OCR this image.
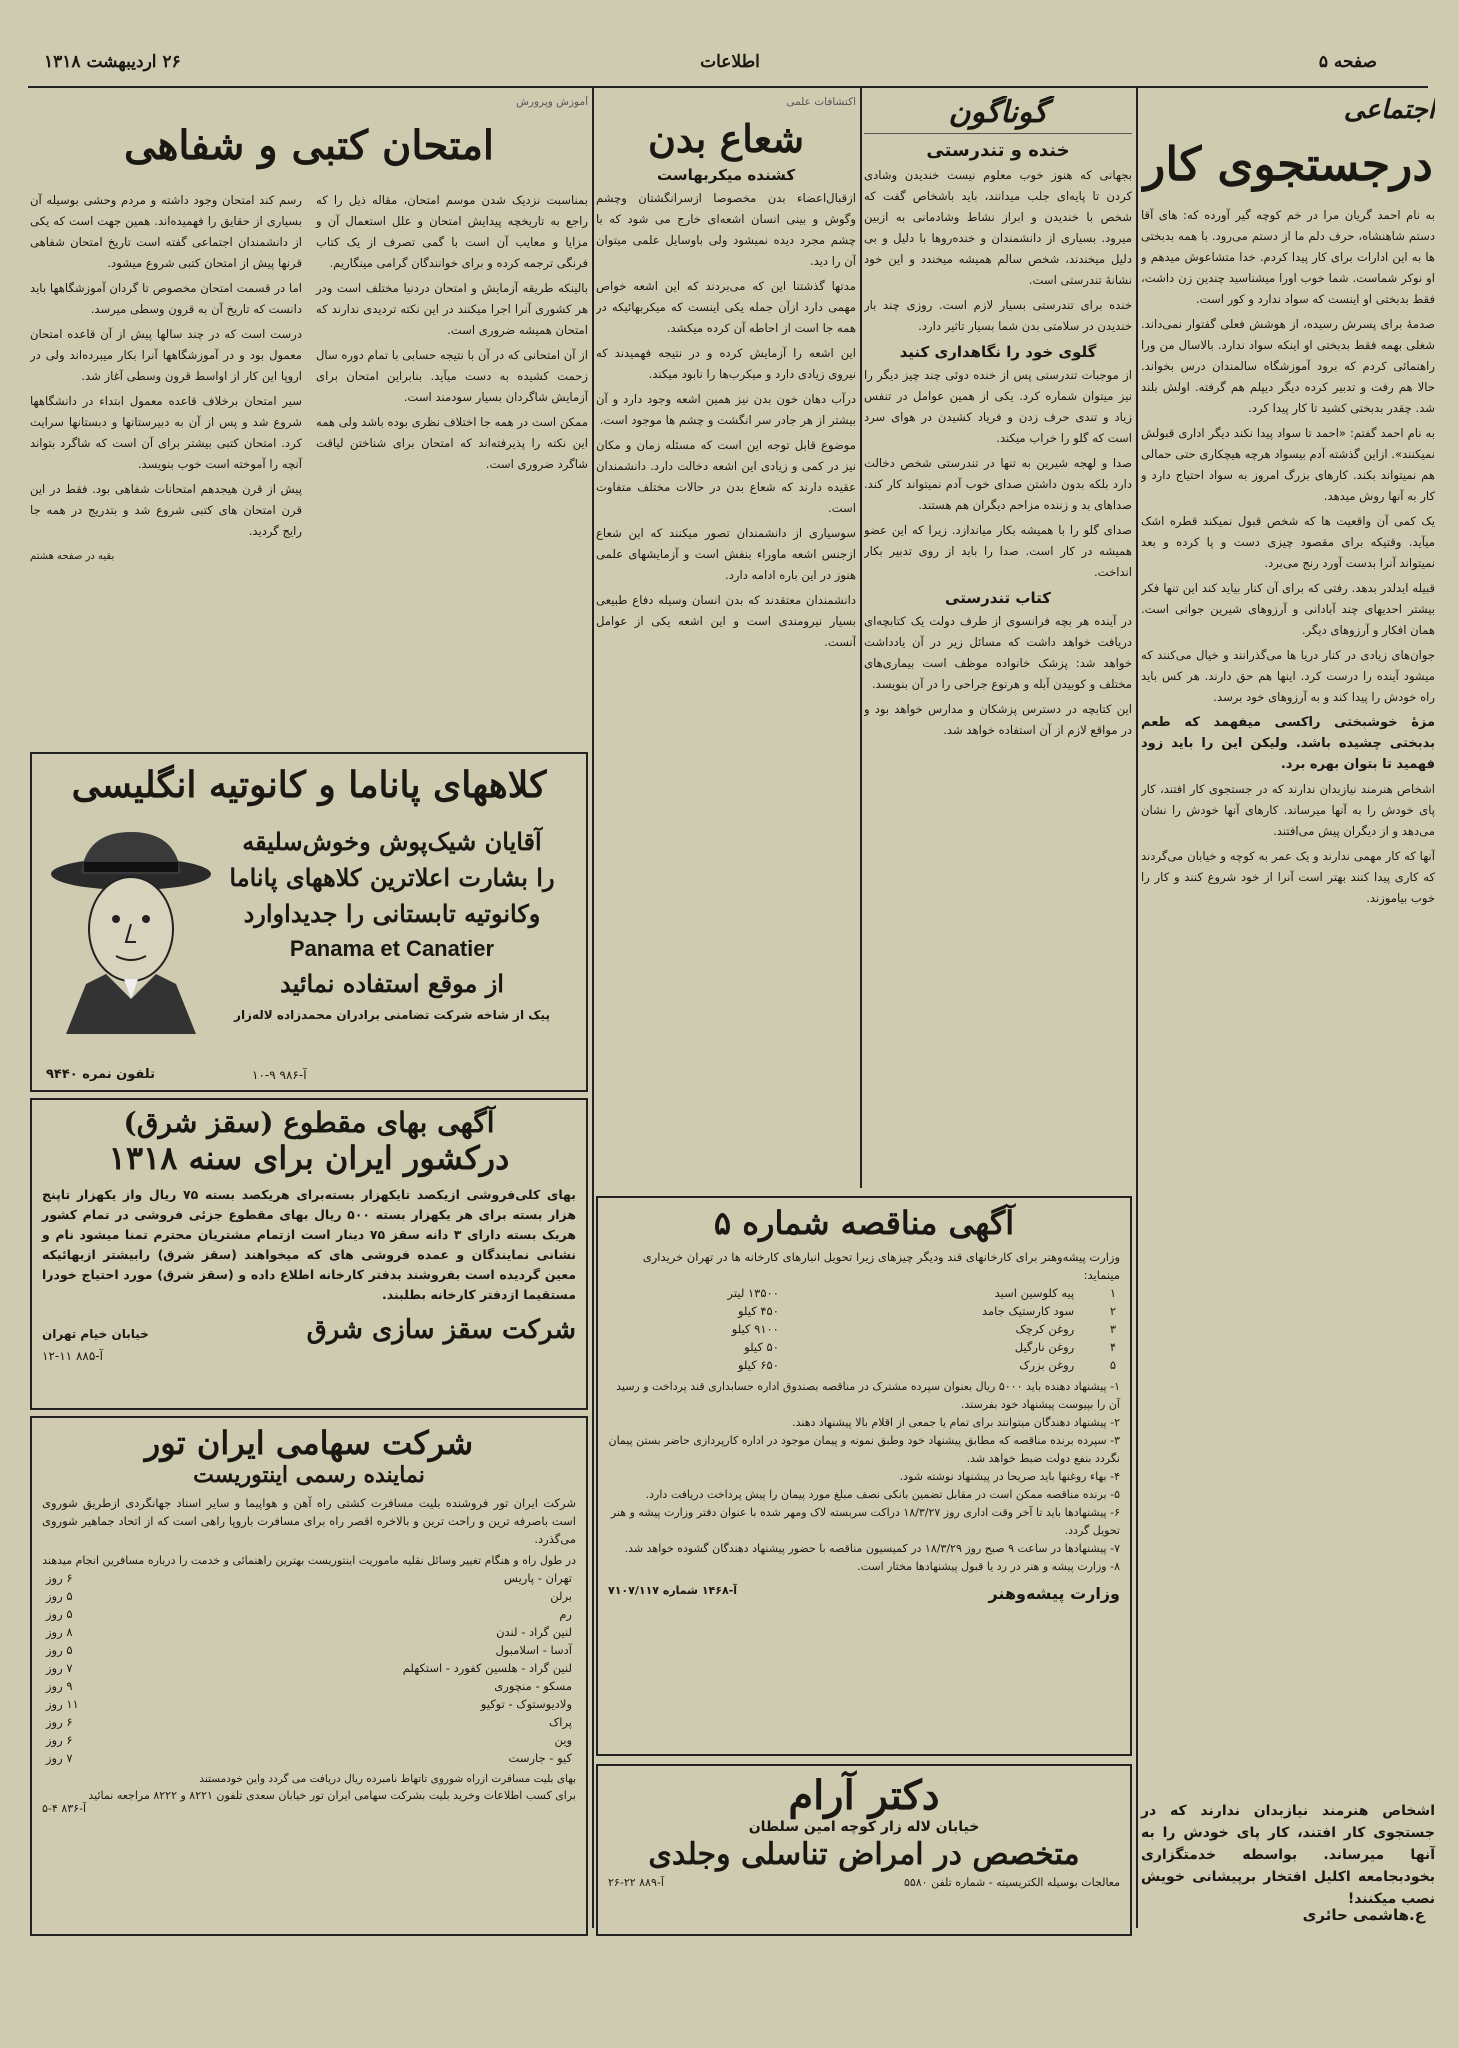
صفحه ۵
اطلاعات
۲۶ اردیبهشت ۱۳۱۸
اجتماعی
درجستجوی کار

به نام احمد گریان مرا در خم کوچه گیر آورده که: های آقا دستم شاهنشاه، حرف دلم ما از دستم می‌رود. با همه بدبختی ها به این ادارات برای کار پیدا کردم. خدا متشاعوش میدهم و او نوکر شماست. شما خوب اورا میشناسید چندین زن داشت، فقط بدبختی او اینست که سواد ندارد و کور است.

صدمهٔ برای پسرش رسیده، از هوشش فعلی گفتوار نمی‌داند. شغلی بهمه فقط بدبختی او اینکه سواد ندارد. بالاسال من ورا راهنمائی کردم که برود آموزشگاه سالمندان درس بخواند. حالا هم رفت و تدبیر کرده دیگر دیپلم هم گرفته. اولش بلند شد. چقدر بدبختی کشید تا کار پیدا کرد.

به نام احمد گفتم: «احمد تا سواد پیدا نکند دیگر اداری قبولش نمیکنند». ازاین گذشته آدم بیسواد هرچه هیچکاری حتی حمالی هم نمیتواند بکند. کارهای بزرگ امروز به سواد احتیاج دارد و کار به آنها روش میدهد.

یک کمی آن واقعیت ها که شخص قبول نمیکند قطره اشک میآید. وقتیکه برای مقصود چیزی دست و پا کرده و بعد نمیتواند آنرا بدست آورد رنج می‌برد.

قبیله ایدلدر بدهد. رفتی که برای آن کنار بیاید کند این تنها فکر بیشتر احدیهای چند آبادانی و آرزوهای شیرین جوانی است. همان افکار و آرزوهای دیگر.

جوان‌های زیادی در کنار دریا ها می‌گذرانند و خیال می‌کنند که میشود آینده را درست کرد. اینها هم حق دارند. هر کس باید راه خودش را پیدا کند و به آرزوهای خود برسد.

مزهٔ خوشبختی راکسی میفهمد که طعم بدبختی چشیده باشد. ولیکن این را باید زود فهمید تا بتوان بهره برد.

اشخاص هنرمند نیازبدان ندارند که در جستجوی کار افتند، کار پای خودش را به آنها میرساند. کارهای آنها خودش را نشان می‌دهد و از دیگران پیش می‌افتند.

آنها که کار مهمی ندارند و یک عمر به کوچه و خیابان می‌گردند که کاری پیدا کنند بهتر است آنرا از خود شروع کنند و کار را خوب بیاموزند.

اشخاص هنرمند نیازبدان ندارند که در جستجوی کار افتند، کار پای خودش را به آنها میرساند. بواسطه خدمتگزاری بخودبجامعه اکلیل افتخار برپیشانی خویش نصب میکنند!
ع.هاشمی حائری
گوناگون
خنده و تندرستی

بجهانی که هنوز خوب معلوم نیست خندیدن وشادی کردن تا پایه‌ای جلب میدانند، باید باشخاص گفت که شخص با خندیدن و ابراز نشاط وشادمانی به ازبین میرود. بسیاری از دانشمندان و خنده‌روها با دلیل و بی دلیل میخندند، شخص سالم همیشه میخندد و این خود نشانهٔ تندرستی است.

خنده برای تندرستی بسیار لازم است. روزی چند بار خندیدن در سلامتی بدن شما بسیار تاثیر دارد.

گلوی خود را نگاهداری کنید

از موجبات تندرستی پس از خنده دوئی چند چیز دیگر را نیز میتوان شماره کرد. یکی از همین عوامل در تنفس زیاد و تندی حرف زدن و فریاد کشیدن در هوای سرد است که گلو را خراب میکند.

صدا و لهجه شیرین به تنها در تندرستی شخص دخالت دارد بلکه بدون داشتن صدای خوب آدم نمیتواند کار کند. صداهای بد و زننده مزاحم دیگران هم هستند.

صدای گلو را با همیشه بکار میاندازد. زیرا که این عضو همیشه در کار است. صدا را باید از روی تدبیر بکار انداخت.

کتاب تندرستی

در آینده هر بچه فرانسوی از طرف دولت یک کتابچه‌ای دریافت خواهد داشت که مسائل زیر در آن یادداشت خواهد شد: پزشک خانواده موظف است بیماری‌های مختلف و کوبیدن آبله و هرنوع جراحی را در آن بنویسد.

این کتابچه در دسترس پزشکان و مدارس خواهد بود و در مواقع لازم از آن استفاده خواهد شد.

اکتشافات علمی
شعاع بدن
کشنده میکربهاست

ازقبال‌اعضاء بدن مخصوصا ازسرانگشتان وچشم وگوش و بینی انسان اشعه‌ای خارج می شود که با چشم مجرد دیده نمیشود ولی باوسایل علمی میتوان آن را دید.

مدتها گذشتنا این که می‌بردند که این اشعه خواص مهمی دارد ازآن جمله یکی اینست که میکربهائیکه در همه جا است از احاطه آن کرده میکشد.

این اشعه را آزمایش کرده و در نتیجه فهمیدند که نیروی زیادی دارد و میکرب‌ها را نابود میکند.

درآب دهان خون بدن نیز همین اشعه وجود دارد و آن بیشتر از هر جادر سر انگشت و چشم ها موجود است.

موضوع قابل توجه این است که مسئله زمان و مکان نیز در کمی و زیادی این اشعه دخالت دارد. دانشمندان عقیده دارند که شعاع بدن در حالات مختلف متفاوت است.

سوسیاری از دانشمندان تصور میکنند که این شعاع ازجنس اشعه ماوراء بنفش است و آزمایشهای علمی هنوز در این باره ادامه دارد.

دانشمندان معتقدند که بدن انسان وسیله دفاع طبیعی بسیار نیرومندی است و این اشعه یکی از عوامل آنست.

آموزش وپرورش
امتحان کتبی و شفاهی

بمناسبت نزدیک شدن موسم امتحان، مقاله ذیل را که راجع به تاریخچه پیدایش امتحان و علل استعمال آن و مزایا و معایب آن است با گمی تصرف از یک کتاب فرنگی ترجمه کرده و برای خوانندگان گرامی مینگاریم.

بالینکه طریقه آزمایش و امتحان دردنیا مختلف است ودر هر کشوری آنرا اجرا میکنند در این نکته تردیدی ندارند که امتحان همیشه ضروری است.

از آن امتحانی که در آن با نتیجه حسابی با تمام دوره سال زحمت کشیده به دست میآید. بنابراین امتحان برای آزمایش شاگردان بسیار سودمند است.

ممکن است در همه جا اختلاف نظری بوده باشد ولی همه این نکته را پذیرفته‌اند که امتحان برای شناختن لیاقت شاگرد ضروری است.

رسم کند امتحان وجود داشته و مردم وحشی بوسیله آن بسیاری از حقایق را فهمیده‌اند. همین جهت است که یکی از دانشمندان اجتماعی گفته است تاریخ امتحان شفاهی قرنها پیش از امتحان کتبی شروع میشود.

اما در قسمت امتحان مخصوص تا گردان آموزشگاهها باید دانست که تاریخ آن به قرون وسطی میرسد.

درست است که در چند سالها پیش از آن قاعده امتحان معمول بود و در آموزشگاهها آنرا بکار میبرده‌اند ولی در اروپا این کار از اواسط قرون وسطی آغاز شد.

سیر امتحان برخلاف قاعده معمول ابتداء در دانشگاهها شروع شد و پس از آن به دبیرستانها و دبستانها سرایت کرد. امتحان کتبی بیشتر برای آن است که شاگرد بتواند آنچه را آموخته است خوب بنویسد.

پیش از قرن هیجدهم امتحانات شفاهی بود. فقط در این قرن امتحان های کتبی شروع شد و بتدریج در همه جا رایج گردید.

بقیه در صفحه هشتم

کلاههای پاناما و کانوتیه انگلیسی
آقایان شیک‌پوش وخوش‌سلیقه
را بشارت اعلاترین کلاههای پاناما
وکانوتیه تابستانی را جدیداوارد
Panama et Canatier
از موقع استفاده نمائید
پیک از شاخه شرکت تضامنی برادران محمدزاده لاله‌زار
تلفون نمره ۹۴۴۰	آ-۹۸۶ ۹-۱۰
آگهی بهای مقطوع (سقز شرق)
درکشور ایران برای سنه ۱۳۱۸
بهای کلی‌فروشی ازیکصد تایکهزار بسته‌برای هریکصد بسته ۷۵ ریال واز یکهزار تاپنج هزار بسته برای هر یکهزار بسته ۵۰۰ ریال بهای مقطوع جزئی فروشی در تمام کشور هریک بسته دارای ۳ دانه سقز ۷۵ دینار است ازتمام مشتریان محترم تمنا میشود نام و نشانی نمایندگان و عمده فروشی های که میخواهند (سقز شرق) رابیشتر ازبهائیکه معین گردیده است بفروشند بدفتر کارخانه اطلاع داده و (سقز شرق) مورد احتیاج خودرا مستقیما ازدفتر کارخانه بطلبند.
شرکت سقز سازی شرق
خیابان خیام تهران
آ-۸۸۵ ۱۱-۱۲
شرکت سهامی ایران تور
نماینده رسمی اینتوریست
شرکت ایران تور فروشنده بلیت مسافرت کشتی راه آهن و هواپیما و سایر اسناد جهانگردی ازطریق شوروی است باصرفه ترین و راحت ترین و بالاخره اقصر راه برای مسافرت باروپا راهی است که از اتحاد جماهیر شوروی می‌گذرد.
در طول راه و هنگام تغییر وسائل نقلیه ماموریت اینتوریست بهترین راهنمائی و خدمت را درباره مسافرین انجام میدهند
تهران - پاریس	۶ روز
برلن	۵ روز
رم	۵ روز
لنین گراد - لندن	۸ روز
آدسا - اسلامبول	۵ روز
لنین گراد - هلسین کفورد - استکهلم	۷ روز
مسکو - منچوری	۹ روز
ولادیوستوک - توکیو	۱۱ روز
پراک	۶ روز
وین	۶ روز
کیو - جارست	۷ روز
بهای بلیت مسافرت ازراه شوروی تاتهاط نامبرده ریال دریافت می گردد واین خودمستند
برای کسب اطلاعات وخرید بلیت بشرکت سهامی ایران تور خیابان سعدی تلفون ۸۲۲۱ و ۸۲۲۲ مراجعه نمائید
آ-۸۳۶ ۴-۵
آگهی مناقصه شماره ۵
وزارت پیشه‌وهنر برای کارخانهای قند ودیگر چیزهای زیرا تحویل انبارهای کارخانه ها در تهران خریداری مینماید:
۱	پیه کلوسین اسید	۱۳۵۰۰ لیتر
۲	سود کارستیک جامد	۴۵۰ کیلو
۳	روغن کرچک	۹۱۰۰ کیلو
۴	روغن نارگیل	۵۰ کیلو
۵	روغن بزرک	۶۵۰ کیلو
۱- پیشنهاد دهنده باید ۵۰۰۰ ریال بعنوان سپرده مشترک در مناقصه بصندوق اداره حسابداری قند پرداخت و رسید آن را بپیوست پیشنهاد خود بفرستد.
۲- پیشنهاد دهندگان میتوانند برای تمام یا جمعی از اقلام بالا پیشنهاد دهند.
۳- سپرده برنده مناقصه که مطابق پیشنهاد خود وطبق نمونه و پیمان موجود در اداره کارپردازی حاضر بستن پیمان نگردد بنفع دولت ضبط خواهد شد.
۴- بهاء روغنها باید صریحا در پیشنهاد نوشته شود.
۵- برنده مناقصه ممکن است در مقابل تضمین بانکی نصف مبلغ مورد پیمان را پیش پرداخت دریافت دارد.
۶- پیشنهادها باید تا آخر وقت اداری روز ۱۸/۳/۲۷ دراکت سربسته لاک ومهر شده با عنوان دفتر وزارت پیشه و هنر تحویل گردد.
۷- پیشنهادها در ساعت ۹ صبح روز ۱۸/۳/۲۹ در کمیسیون مناقصه با حضور پیشنهاد دهندگان گشوده خواهد شد.
۸- وزارت پیشه و هنر در رد یا قبول پیشنهادها مختار است.
وزارت پیشه‌وهنر
آ-۱۴۶۸ شماره ۷۱۰۷/۱۱۷
دکتر آرام
خیابان لاله زار کوچه امین سلطان
متخصص در امراض تناسلی وجلدی
معالجات بوسیله الکتریسیته - شماره تلفن ۵۵۸۰
آ-۸۸۹ ۲۲-۲۶
